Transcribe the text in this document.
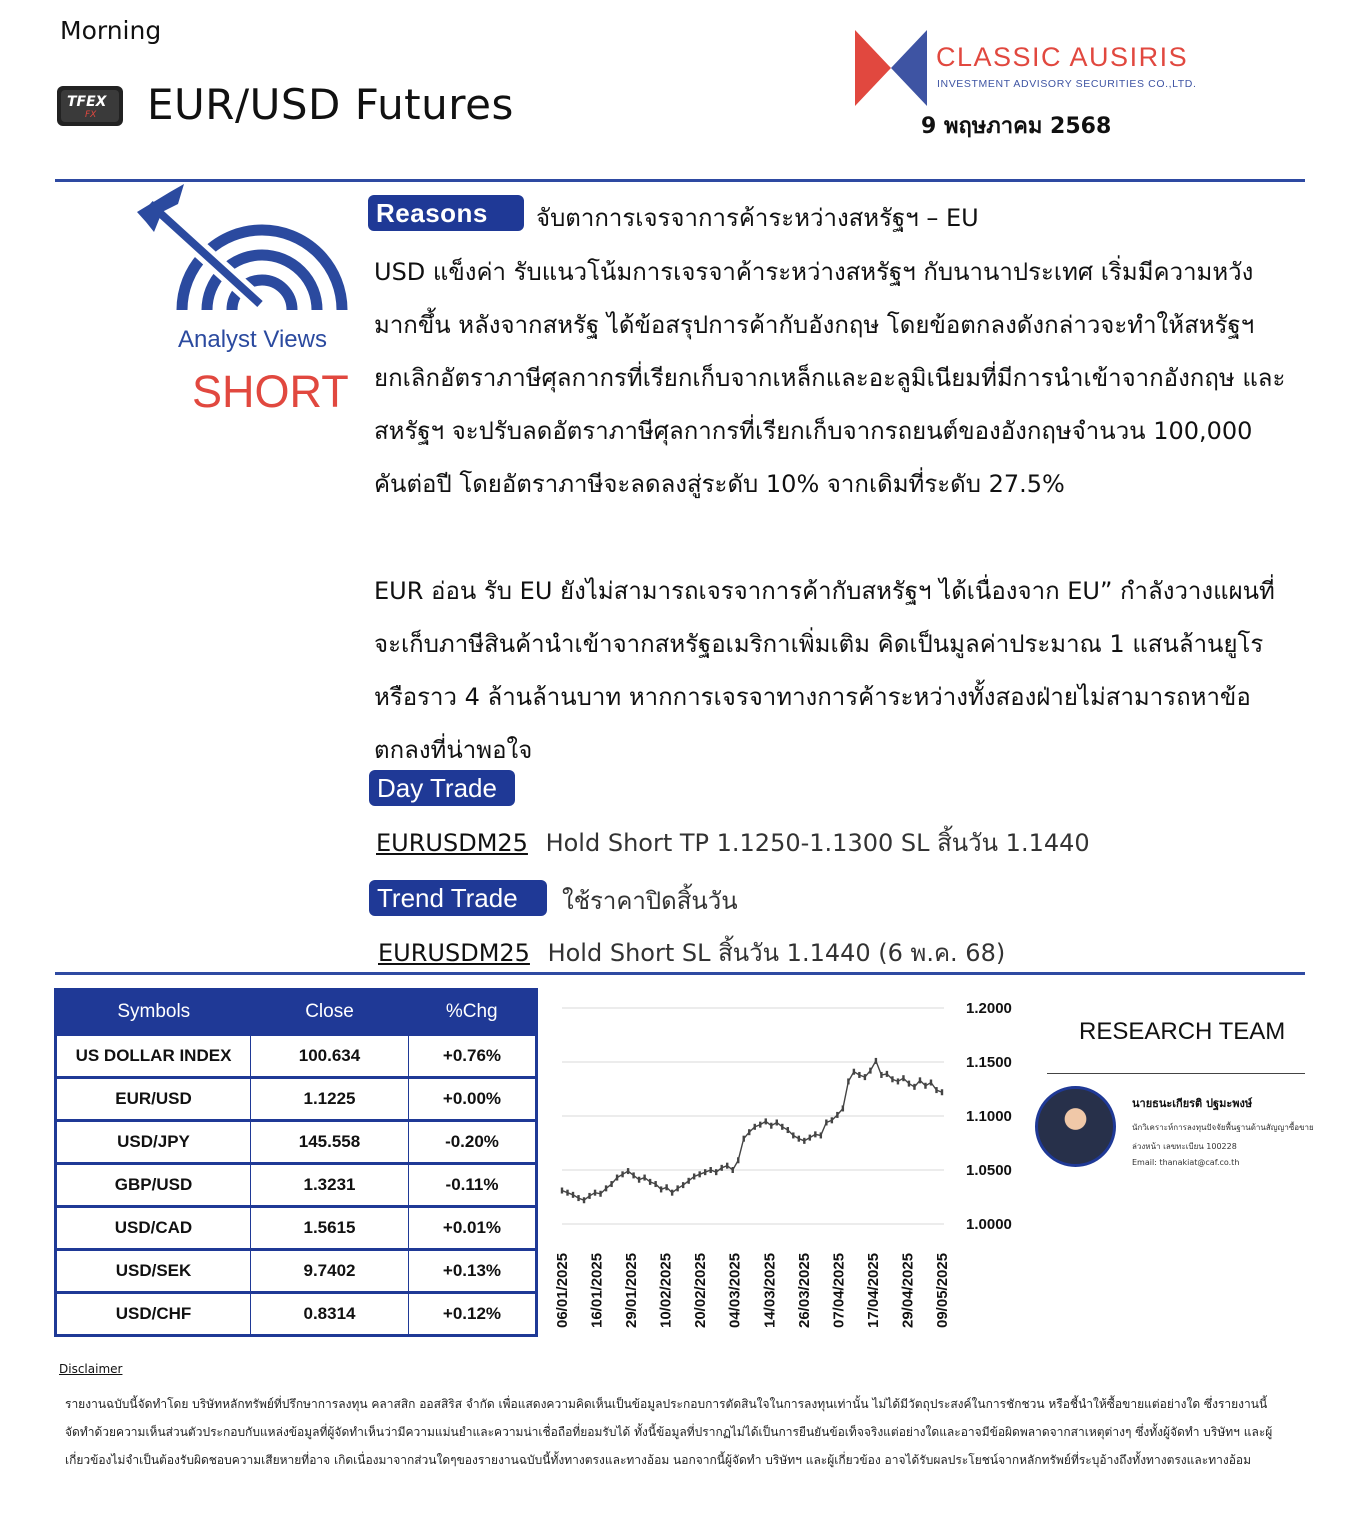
Morning
TFEX
FX EUR/USD Futures
CLASSIC AUSIRIS
INVESTMENT ADVISORY SECURITIES CO.,LTD.
9 พฤษภาคม 2568
Analyst Views
SHORT
Reasons	จับตาการเจรจาการค้าระหว่างสหรัฐฯ – EU
USD แข็งค่า รับแนวโน้มการเจรจาค้าระหว่างสหรัฐฯ กับนานาประเทศ เริ่มมีความหวังมากขึ้น หลังจากสหรัฐ ได้ข้อสรุปการค้ากับอังกฤษ โดยข้อตกลงดังกล่าวจะทำให้สหรัฐฯ ยกเลิกอัตราภาษีศุลกากรที่เรียกเก็บจากเหล็กและอะลูมิเนียมที่มีการนำเข้าจากอังกฤษ และสหรัฐฯ จะปรับลดอัตราภาษีศุลกากรที่เรียกเก็บจากรถยนต์ของอังกฤษจำนวน 100,000 คันต่อปี โดยอัตราภาษีจะลดลงสู่ระดับ 10% จากเดิมที่ระดับ 27.5%
EUR อ่อน รับ EU ยังไม่สามารถเจรจาการค้ากับสหรัฐฯ ได้เนื่องจาก EU” กำลังวางแผนที่จะเก็บภาษีสินค้านำเข้าจากสหรัฐอเมริกาเพิ่มเติม คิดเป็นมูลค่าประมาณ 1 แสนล้านยูโร หรือราว 4 ล้านล้านบาท หากการเจรจาทางการค้าระหว่างทั้งสองฝ่ายไม่สามารถหาข้อตกลงที่น่าพอใจ
Day Trade
EURUSDM25 Hold Short TP 1.1250-1.1300 SL สิ้นวัน 1.1440
Trend Trade	ใช้ราคาปิดสิ้นวัน
EURUSDM25 Hold Short SL สิ้นวัน 1.1440 (6 พ.ค. 68)
Symbols	Close	%Chg
US DOLLAR INDEX	100.634	+0.76%
EUR/USD	1.1225	+0.00%
USD/JPY	145.558	-0.20%
GBP/USD	1.3231	-0.11%
USD/CAD	1.5615	+0.01%
USD/SEK	9.7402	+0.13%
USD/CHF	0.8314	+0.12%
1.2000
1.1500
1.1000
1.0500
1.0000
06/01/2025 16/01/2025 29/01/2025 10/02/2025 20/02/2025 04/03/2025 14/03/2025 26/03/2025 07/04/2025 17/04/2025 29/04/2025 09/05/2025
RESEARCH TEAM
นายธนะเกียรติ ปฐมะพงษ์
นักวิเคราะห์การลงทุนปัจจัยพื้นฐานด้านสัญญาซื้อขายล่วงหน้า เลขทะเบียน 100228
Email: thanakiat@caf.co.th
Disclaimer
รายงานฉบับนี้จัดทำโดย บริษัทหลักทรัพย์ที่ปรึกษาการลงทุน คลาสสิก ออสสิริส จำกัด เพื่อแสดงความคิดเห็นเป็นข้อมูลประกอบการตัดสินใจในการลงทุนเท่านั้น ไม่ได้มีวัตถุประสงค์ในการชักชวน หรือชี้นำให้ซื้อขายแต่อย่างใด ซึ่งรายงานนี้ จัดทำด้วยความเห็นส่วนตัวประกอบกับแหล่งข้อมูลที่ผู้จัดทำเห็นว่ามีความแม่นยำและความน่าเชื่อถือที่ยอมรับได้ ทั้งนี้ข้อมูลที่ปรากฏไม่ได้เป็นการยืนยันข้อเท็จจริงแต่อย่างใดและอาจมีข้อผิดพลาดจากสาเหตุต่างๆ ซึ่งทั้งผู้จัดทำ บริษัทฯ และผู้เกี่ยวข้องไม่จำเป็นต้องรับผิดชอบความเสียหายที่อาจ เกิดเนื่องมาจากส่วนใดๆของรายงานฉบับนี้ทั้งทางตรงและทางอ้อม นอกจากนี้ผู้จัดทำ บริษัทฯ และผู้เกี่ยวข้อง อาจได้รับผลประโยชน์จากหลักทรัพย์ที่ระบุอ้างถึงทั้งทางตรงและทางอ้อม
